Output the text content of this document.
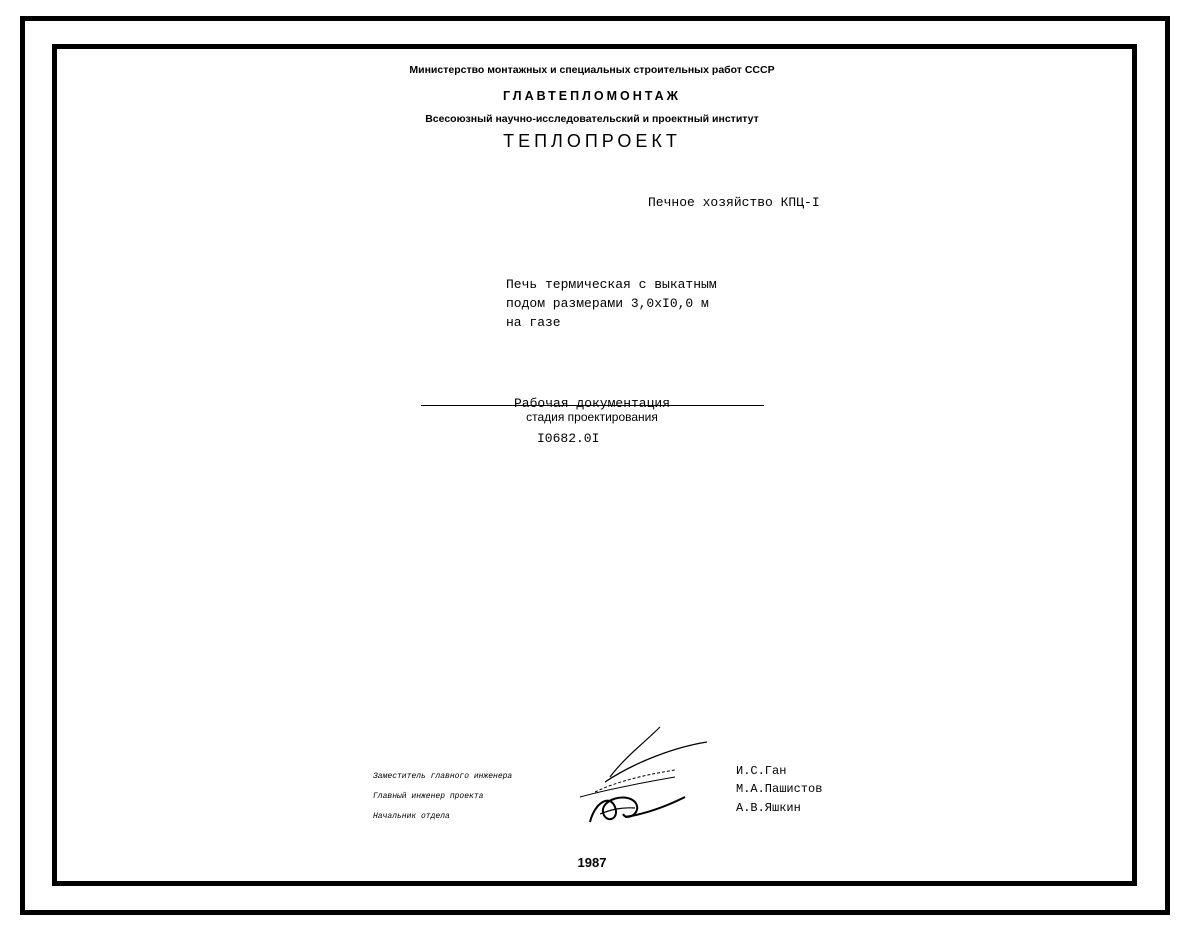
Министерство монтажных и специальных строительных работ СССР
ГЛАВТЕПЛОМОНТАЖ
Всесоюзный научно-исследовательский и проектный институт
ТЕПЛОПРОЕКТ
Печное хозяйство КПЦ-I
Печь термическая с выкатным
подом размерами 3,0хI0,0 м
на газе
Рабочая документация
стадия проектирования
I0682.0I
Заместитель главного инженера
Главный инженер проекта
Начальник отдела
И.С.Ган
М.А.Пашистов
А.В.Яшкин
1987
